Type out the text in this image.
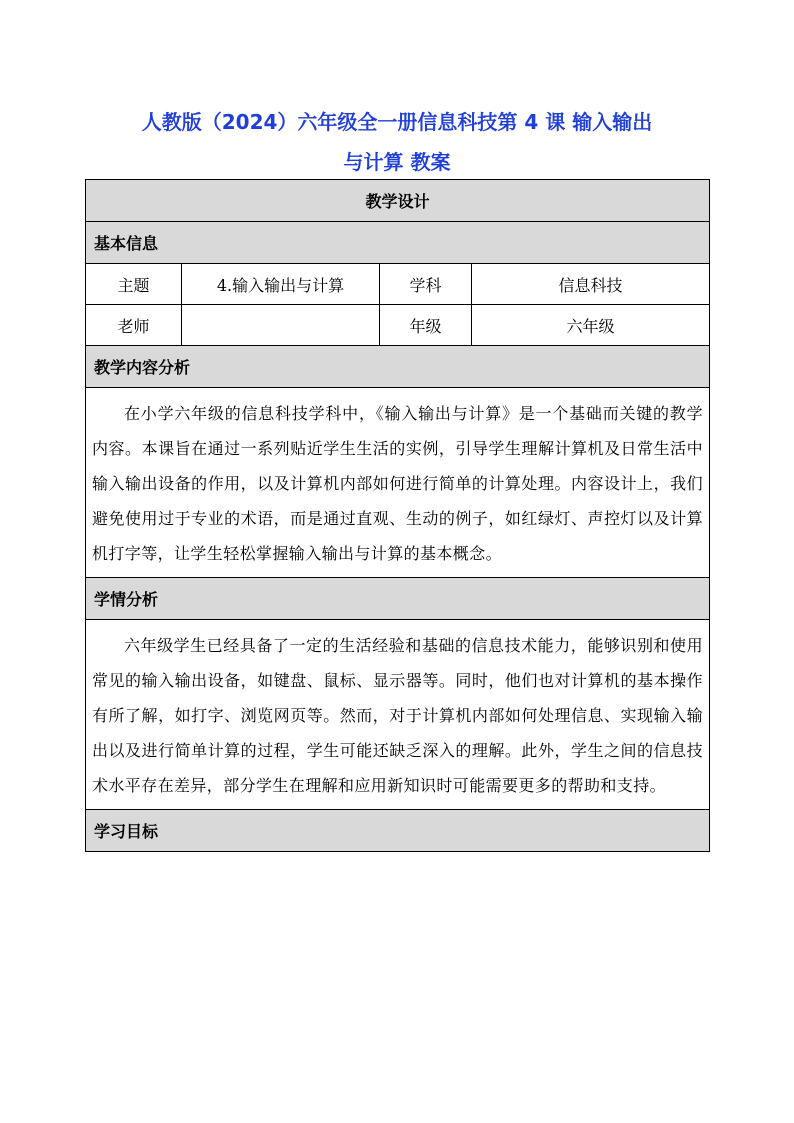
人教版（2024）六年级全一册信息科技第 4 课 输入输出
与计算 教案
教学设计			
基本信息			
主题	4.输入输出与计算	学科	信息科技
老师		年级	六年级
教学内容分析			
在小学六年级的信息科技学科中，《输入输出与计算》是一个基础而关键的教学内容。本课旨在通过一系列贴近学生生活的实例，引导学生理解计算机及日常生活中输入输出设备的作用，以及计算机内部如何进行简单的计算处理。内容设计上，我们避免使用过于专业的术语，而是通过直观、生动的例子，如红绿灯、声控灯以及计算机打字等，让学生轻松掌握输入输出与计算的基本概念。			
学情分析			
六年级学生已经具备了一定的生活经验和基础的信息技术能力，能够识别和使用常见的输入输出设备，如键盘、鼠标、显示器等。同时，他们也对计算机的基本操作有所了解，如打字、浏览网页等。然而，对于计算机内部如何处理信息、实现输入输出以及进行简单计算的过程，学生可能还缺乏深入的理解。此外，学生之间的信息技术水平存在差异，部分学生在理解和应用新知识时可能需要更多的帮助和支持。			
学习目标			
